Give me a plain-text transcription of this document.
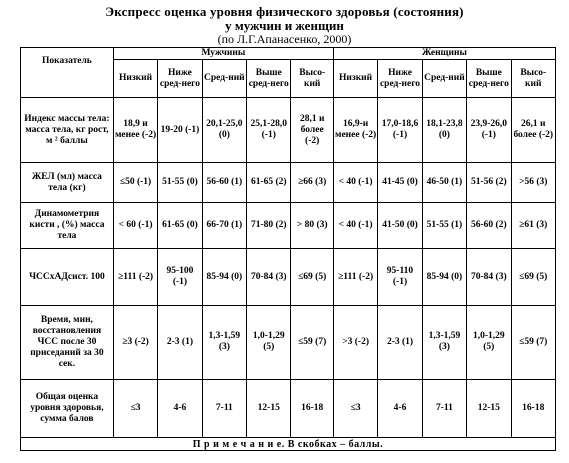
Экспресс оценка уровня физического здоровья (состояния)
у мужчин и женщин
(по Л.Г.Апанасенко, 2000)
Показатель	Мужчины					Женщины				
	Низкий	Ниже сред-него	Сред-ний	Выше сред-него	Высо-кий	Низкий	Ниже сред-него	Сред-ний	Выше сред-него	Высо-кий
Индекс массы тела: масса тела, кг рост, м ² баллы	18,9 и менее (-2)	19-20 (-1)	20,1-25,0 (0)	25,1-28,0 (-1)	28,1 и более (-2)	16,9-и менее (-2)	17,0-18,6 (-1)	18,1-23,8 (0)	23,9-26,0 (-1)	26,1 и более (-2)
ЖЕЛ (мл) масса тела (кг)	≤50 (-1)	51-55 (0)	56-60 (1)	61-65 (2)	≥66 (3)	< 40 (-1)	41-45 (0)	46-50 (1)	51-56 (2)	>56 (3)
Динамометрия кисти , (%) масса тела	< 60 (-1)	61-65 (0)	66-70 (1)	71-80 (2)	> 80 (3)	< 40 (-1)	41-50 (0)	51-55 (1)	56-60 (2)	≥61 (3)
ЧССхАДсист. 100	≥111 (-2)	95-100 (-1)	85-94 (0)	70-84 (3)	≤69 (5)	≥111 (-2)	95-110 (-1)	85-94 (0)	70-84 (3)	≤69 (5)
Время, мин, восстановления ЧСС после 30 приседаний за 30 сек.	≥3 (-2)	2-3 (1)	1,3-1,59 (3)	1,0-1,29 (5)	≤59 (7)	>3 (-2)	2-3 (1)	1,3-1,59 (3)	1,0-1,29 (5)	≤59 (7)
Общая оценка уровня здоровья, сумма балов	≤3	4-6	7-11	12-15	16-18	≤3	4-6	7-11	12-15	16-18
П р и м е ч а н и е. В скобках – баллы.										
